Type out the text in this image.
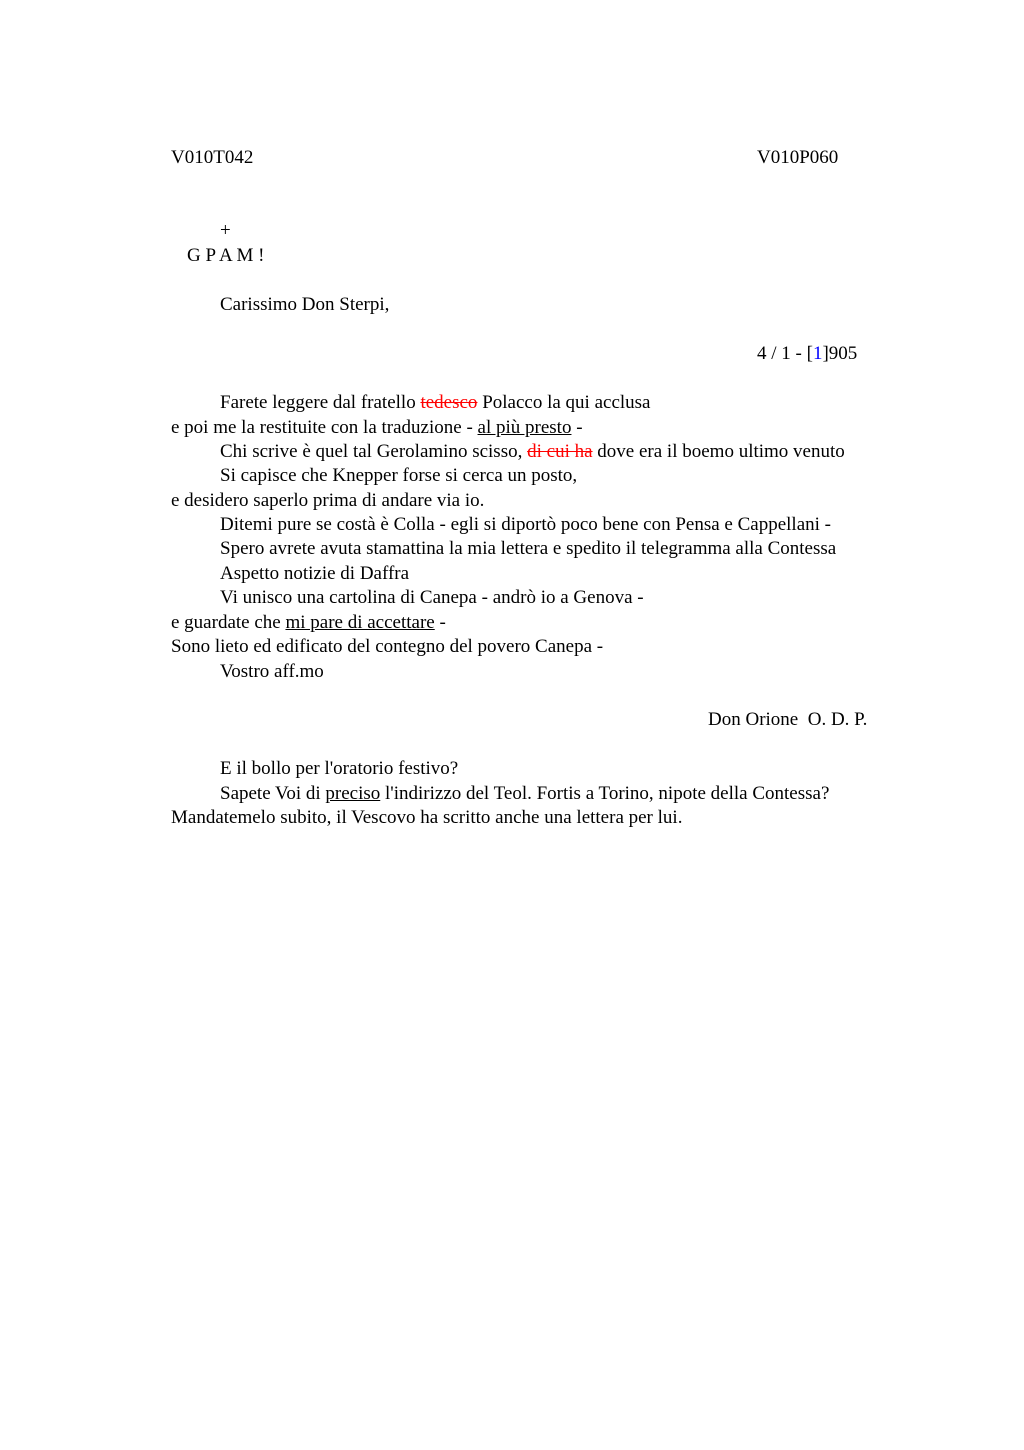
V010T042	V010P060
+
G P A M !
Carissimo Don Sterpi,
4 / 1 - [1]905
Farete leggere dal fratello tedesco Polacco la qui acclusa
e poi me la restituite con la traduzione - al più presto -
Chi scrive è quel tal Gerolamino scisso, di cui ha dove era il boemo ultimo venuto
Si capisce che Knepper forse si cerca un posto,
e desidero saperlo prima di andare via io.
Ditemi pure se costà è Colla - egli si diportò poco bene con Pensa e Cappellani -
Spero avrete avuta stamattina la mia lettera e spedito il telegramma alla Contessa
Aspetto notizie di Daffra
Vi unisco una cartolina di Canepa - andrò io a Genova -
e guardate che mi pare di accettare -
Sono lieto ed edificato del contegno del povero Canepa -
Vostro aff.mo
Don Orione  O. D. P.
E il bollo per l'oratorio festivo?
Sapete Voi di preciso l'indirizzo del Teol. Fortis a Torino, nipote della Contessa?
Mandatemelo subito, il Vescovo ha scritto anche una lettera per lui.
